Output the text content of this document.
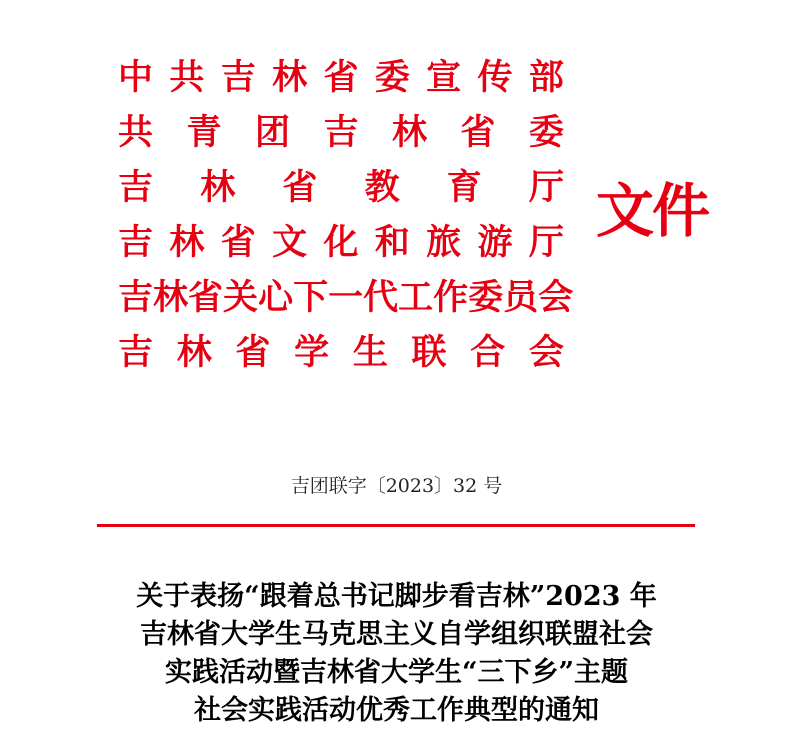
中 共 吉 林 省 委 宣 传 部
共 青 团 吉 林 省 委
吉 林 省 教 育 厅
吉 林 省 文 化 和 旅 游 厅
吉 林 省 关 心 下 一 代 工 作 委 员 会
吉 林 省 学 生 联 合 会
文件
吉团联字〔2023〕32 号
关于表扬“跟着总书记脚步看吉林”2023 年
吉林省大学生马克思主义自学组织联盟社会
实践活动暨吉林省大学生“三下乡”主题
社会实践活动优秀工作典型的通知
